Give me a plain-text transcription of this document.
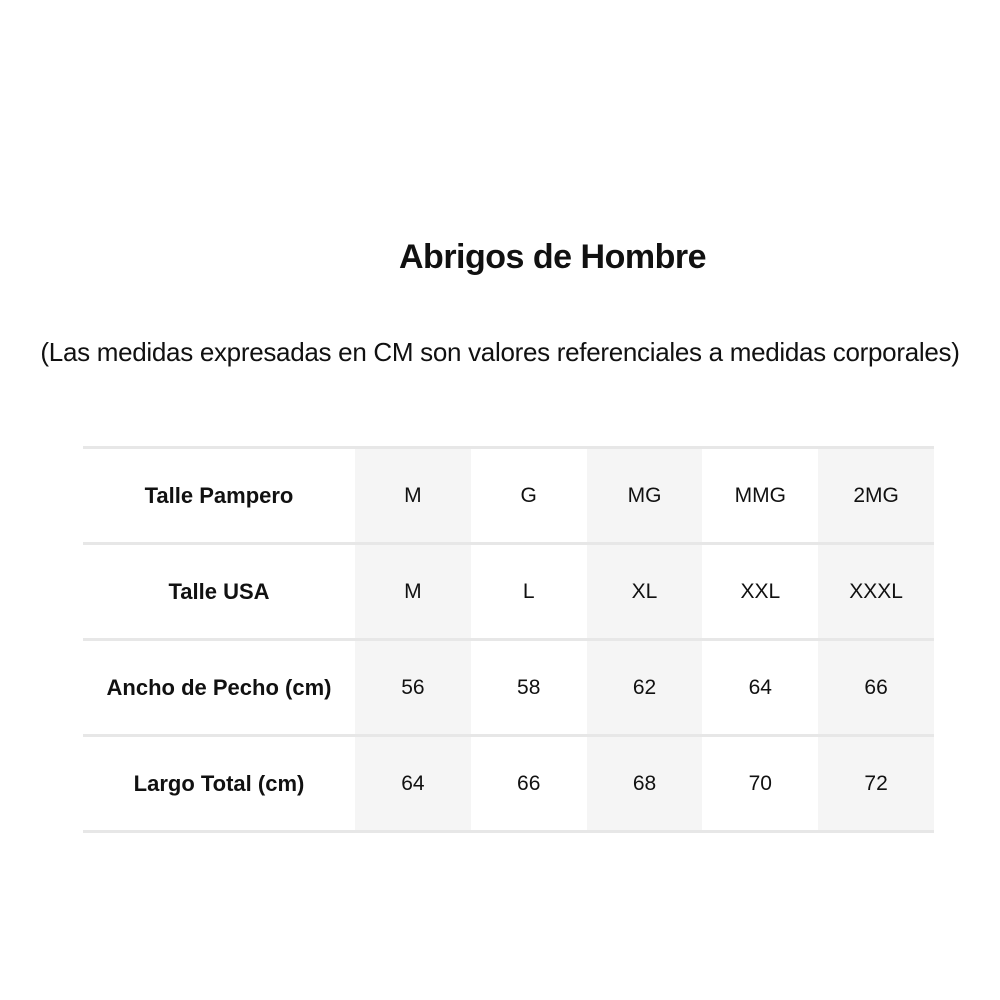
Abrigos de Hombre

(Las medidas expresadas en CM son valores referenciales a medidas corporales)

Talle Pampero	M	G	MG	MMG	2MG
Talle USA	M	L	XL	XXL	XXXL
Ancho de Pecho (cm)	56	58	62	64	66
Largo Total (cm)	64	66	68	70	72
